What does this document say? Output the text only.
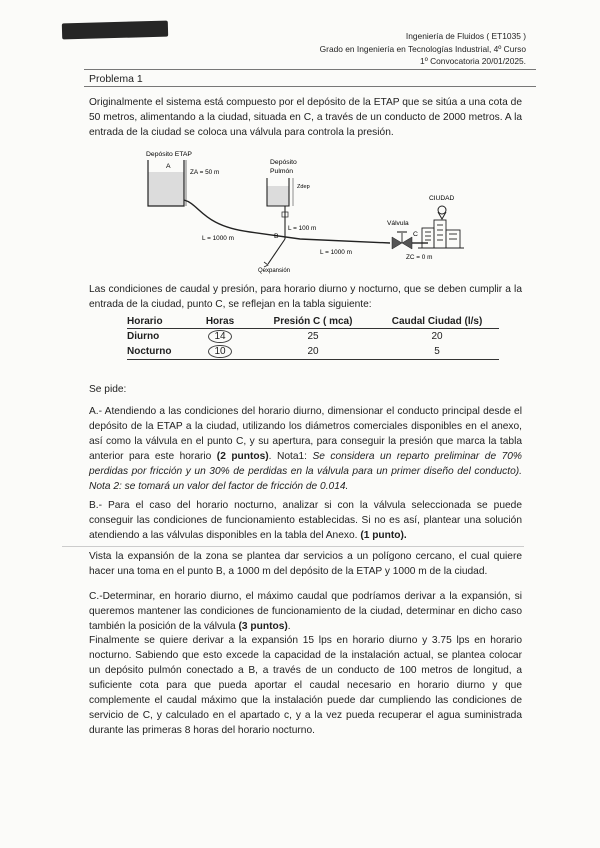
Ingeniería de Fluidos ( ET1035 )
Grado en Ingeniería en Tecnologías Industrial, 4º Curso
1º Convocatoria 20/01/2025.
Problema 1
Originalmente el sistema está compuesto por el depósito de la ETAP que se sitúa a una cota de 50 metros, alimentando a la ciudad, situada en C, a través de un conducto de 2000 metros. A la entrada de la ciudad se coloca una válvula para controla la presión.
Depósito ETAP
A
ZA = 50 m
L = 1000 m
L = 1000 m
Depósito
Pulmón
Zdep
L = 100 m
B
Qexpansión
Válvula
C
ZC = 0 m
CIUDAD
Las condiciones de caudal y presión, para horario diurno y nocturno, que se deben cumplir a la entrada de la ciudad, punto C, se reflejan en la tabla siguiente:
Horario	Horas	Presión C ( mca)	Caudal Ciudad (l/s)
Diurno	14	25	20
Nocturno	10	20	5
Se pide:
A.- Atendiendo a las condiciones del horario diurno, dimensionar el conducto principal desde el depósito de la ETAP a la ciudad, utilizando los diámetros comerciales disponibles en el anexo, así como la válvula en el punto C, y su apertura, para conseguir la presión que marca la tabla anterior para este horario (2 puntos). Nota1: Se considera un reparto preliminar de 70% perdidas por fricción y un 30% de perdidas en la válvula para un primer diseño del conducto). Nota 2: se tomará un valor del factor de fricción de 0.014.
B.- Para el caso del horario nocturno, analizar si con la válvula seleccionada se puede conseguir las condiciones de funcionamiento establecidas. Si no es así, plantear una solución atendiendo a las válvulas disponibles en la tabla del Anexo. (1 punto).
Vista la expansión de la zona se plantea dar servicios a un polígono cercano, el cual quiere hacer una toma en el punto B, a 1000 m del depósito de la ETAP y 1000 m de la ciudad.
C.-Determinar, en horario diurno, el máximo caudal que podríamos derivar a la expansión, si queremos mantener las condiciones de funcionamiento de la ciudad, determinar en dicho caso también la posición de la válvula (3 puntos).
Finalmente se quiere derivar a la expansión 15 lps en horario diurno y 3.75 lps en horario nocturno. Sabiendo que esto excede la capacidad de la instalación actual, se plantea colocar un depósito pulmón conectado a B, a través de un conducto de 100 metros de longitud, a suficiente cota para que pueda aportar el caudal necesario en horario diurno y que complemente el caudal máximo que la instalación puede dar cumpliendo las condiciones de servicio de C, y calculado en el apartado c, y a la vez pueda recuperar el agua suministrada durante las primeras 8 horas del horario nocturno.
